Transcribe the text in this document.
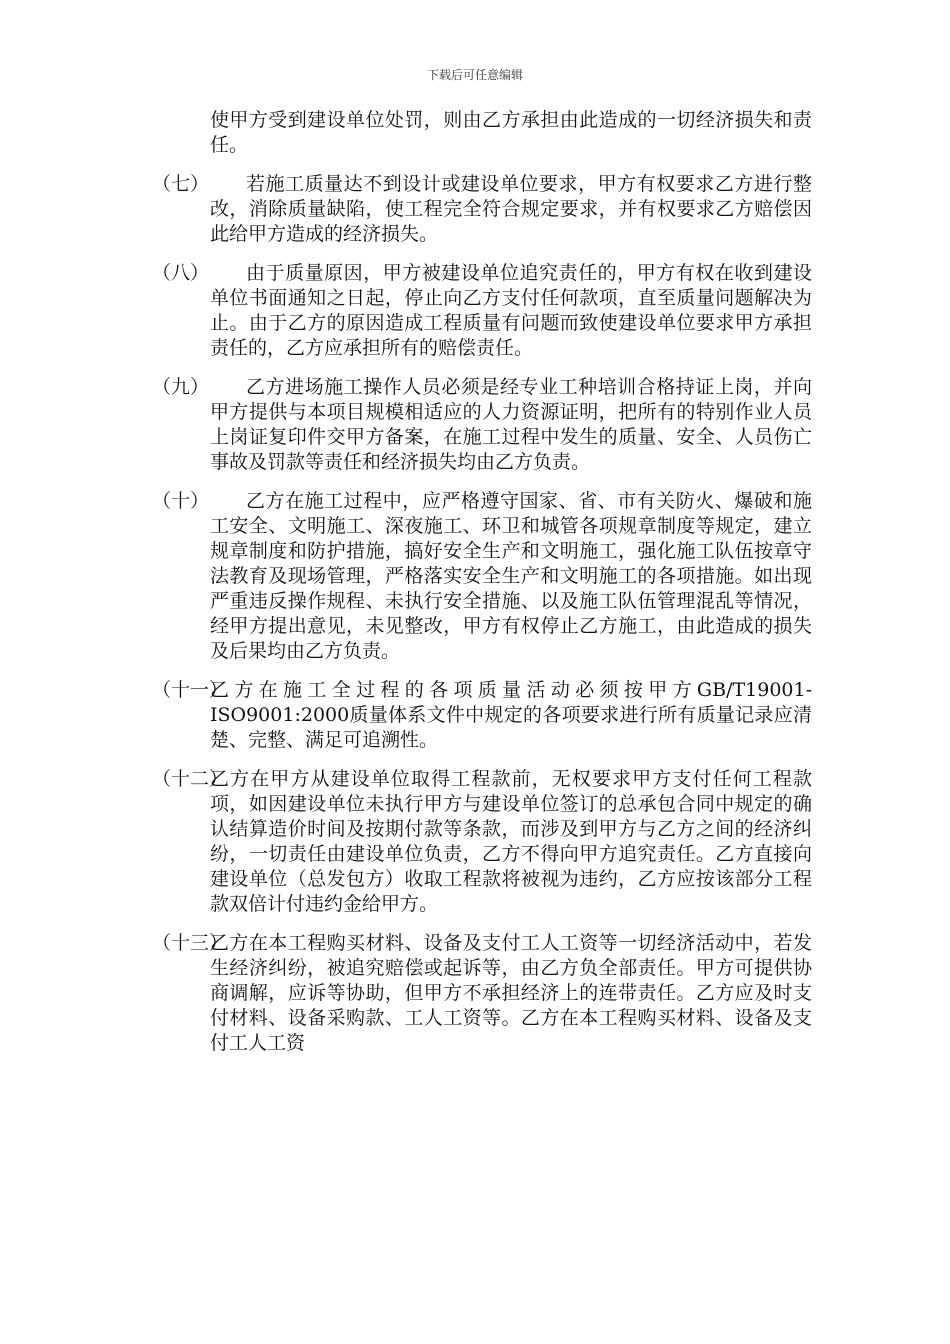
下载后可任意编辑
使甲方受到建设单位处罚，则由乙方承担由此造成的一切经济损失和责任。
（七）	若施工质量达不到设计或建设单位要求，甲方有权要求乙方进行整改，消除质量缺陷，使工程完全符合规定要求，并有权要求乙方赔偿因此给甲方造成的经济损失。
（八）	由于质量原因，甲方被建设单位追究责任的，甲方有权在收到建设单位书面通知之日起，停止向乙方支付任何款项，直至质量问题解决为止。由于乙方的原因造成工程质量有问题而致使建设单位要求甲方承担责任的，乙方应承担所有的赔偿责任。
（九）	乙方进场施工操作人员必须是经专业工种培训合格持证上岗，并向甲方提供与本项目规模相适应的人力资源证明，把所有的特别作业人员上岗证复印件交甲方备案，在施工过程中发生的质量、安全、人员伤亡事故及罚款等责任和经济损失均由乙方负责。
（十）	乙方在施工过程中，应严格遵守国家、省、市有关防火、爆破和施工安全、文明施工、深夜施工、环卫和城管各项规章制度等规定，建立规章制度和防护措施，搞好安全生产和文明施工，强化施工队伍按章守法教育及现场管理，严格落实安全生产和文明施工的各项措施。如出现严重违反操作规程、未执行安全措施、以及施工队伍管理混乱等情况，经甲方提出意见，未见整改，甲方有权停止乙方施工，由此造成的损失及后果均由乙方负责。
（十一）
乙方在施工全过程的各项质量活动必须按甲方GB/T19001-ISO9001:2000质量体系文件中规定的各项要求进行所有质量记录应清楚、完整、满足可追溯性。
（十二）
乙方在甲方从建设单位取得工程款前，无权要求甲方支付任何工程款项，如因建设单位未执行甲方与建设单位签订的总承包合同中规定的确认结算造价时间及按期付款等条款，而涉及到甲方与乙方之间的经济纠纷，一切责任由建设单位负责，乙方不得向甲方追究责任。乙方直接向建设单位（总发包方）收取工程款将被视为违约，乙方应按该部分工程款双倍计付违约金给甲方。
（十三）
乙方在本工程购买材料、设备及支付工人工资等一切经济活动中，若发生经济纠纷，被追究赔偿或起诉等，由乙方负全部责任。甲方可提供协商调解，应诉等协助，但甲方不承担经济上的连带责任。乙方应及时支付材料、设备采购款、工人工资等。乙方在本工程购买材料、设备及支付工人工资
